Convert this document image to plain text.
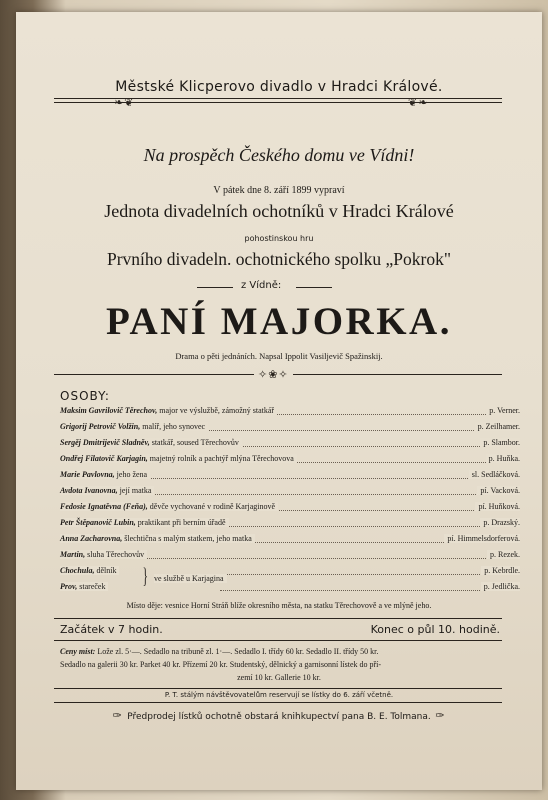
Městské Klicperovo divadlo v Hradci Králové.
❧❦	❦❧
Na prospěch Českého domu ve Vídni!
V pátek dne 8. září 1899 vypraví
Jednota divadelních ochotníků v Hradci Králové
pohostinskou hru
Prvního divadeln. ochotnického spolku „Pokrok"
z Vídně:
PANÍ MAJORKA.
Drama o pěti jednáních. Napsal Ippolit Vasiljevič Spažinskij.
✧❀✧
OSOBY:
Maksim Gavrilovič Těrechov, major ve výslužbě, zámožný statkář	p. Verner.
Grigorij Petrovič Volžin, malíř, jeho synovec	p. Zeilhamer.
Sergěj Dmitrijevič Sladněv, statkář, soused Těrechovův	p. Slambor.
Ondřej Filatovič Karjagin, majetný rolník a pachtýř mlýna Těrechovova	p. Huňka.
Marie Pavlovna, jeho žena	sl. Sedláčková.
Avdota Ivanovna, její matka	pí. Vacková.
Fedosie Ignatěvna (Feňa), děvče vychované v rodině Karjaginově	pí. Huňková.
Petr Štěpanovič Lubin, praktikant při berním úřadě	p. Drazský.
Anna Zacharovna, šlechtična s malým statkem, jeho matka	pí. Himmelsdorferová.
Martin, sluha Těrechovův	p. Rezek.
Chochula, dělník	p. Kebrdle.
Prov, stareček	p. Jedlička.
} ve službě u Karjagina
Místo děje: vesnice Horní Stráň blíže okresního města, na statku Těrechovově a ve mlýně jeho.
Začátek v 7 hodin.	Konec o půl 10. hodině.
Ceny míst: Lože zl. 5·—. Sedadlo na tribuně zl. 1·—. Sedadlo I. třídy 60 kr. Sedadlo II. třídy 50 kr.
Sedadlo na galerii 30 kr. Parket 40 kr. Přízemí 20 kr. Studentský, dělnický a garnisonní lístek do pří-
zemí 10 kr. Gallerie 10 kr.
P. T. stálým návštěvovatelům reservují se lístky do 6. září včetně.
✑ Předprodej lístků ochotně obstará knihkupectví pana B. E. Tolmana. ✑
